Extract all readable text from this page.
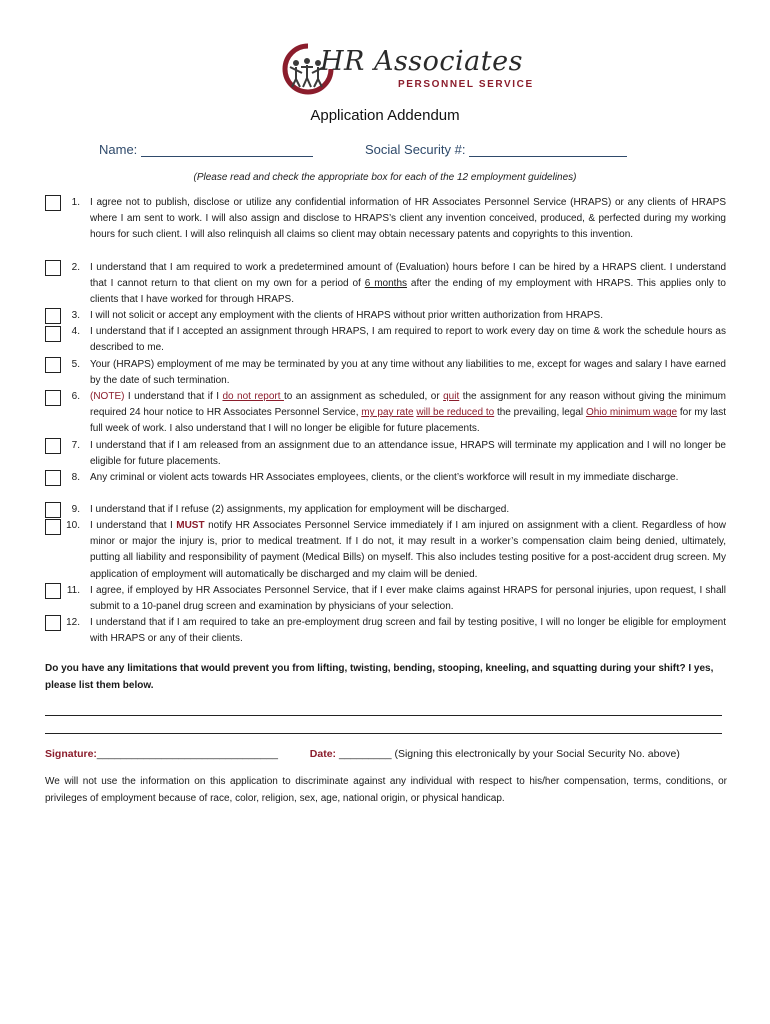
HR Associates
PERSONNEL SERVICE
Application Addendum
Name:	Social Security #:
(Please read and check the appropriate box for each of the 12 employment guidelines)
1.
2.
3.
4.
5.
6.
7.
8.
9.
10.
11.
12.
I agree not to publish, disclose or utilize any confidential information of HR Associates Personnel Service (HRAPS) or any clients of HRAPS where I am sent to work. I will also assign and disclose to HRAPS’s client any invention conceived, produced, & perfected during my working hours for such client. I will also relinquish all claims so client may obtain necessary patents and copyrights to this invention.
I understand that I am required to work a predetermined amount of (Evaluation) hours before I can be hired by a HRAPS client. I understand that I cannot return to that client on my own for a period of 6 months after the ending of my employment with HRAPS. This applies only to clients that I have worked for through HRAPS.
I will not solicit or accept any employment with the clients of HRAPS without prior written authorization from HRAPS.
I understand that if I accepted an assignment through HRAPS, I am required to report to work every day on time & work the schedule hours as described to me.
Your (HRAPS) employment of me may be terminated by you at any time without any liabilities to me, except for wages and salary I have earned by the date of such termination.
(NOTE) I understand that if I do not report to an assignment as scheduled, or quit the assignment for any reason without giving the minimum required 24 hour notice to HR Associates Personnel Service, my pay rate will be reduced to the prevailing, legal Ohio minimum wage for my last full week of work. I also understand that I will no longer be eligible for future placements.
I understand that if I am released from an assignment due to an attendance issue, HRAPS will terminate my application and I will no longer be eligible for future placements.
Any criminal or violent acts towards HR Associates employees, clients, or the client’s workforce will result in my immediate discharge.
I understand that if I refuse (2) assignments, my application for employment will be discharged.
I understand that I MUST notify HR Associates Personnel Service immediately if I am injured on assignment with a client. Regardless of how minor or major the injury is, prior to medical treatment. If I do not, it may result in a worker’s compensation claim being denied, ultimately, putting all liability and responsibility of payment (Medical Bills) on myself. This also includes testing positive for a post-accident drug screen. My application of employment will automatically be discharged and my claim will be denied.
I agree, if employed by HR Associates Personnel Service, that if I ever make claims against HRAPS for personal injuries, upon request, I shall submit to a 10-panel drug screen and examination by physicians of your selection.
I understand that if I am required to take an pre-employment drug screen and fail by testing positive, I will no longer be eligible for employment with HRAPS or any of their clients.
Do you have any limitations that would prevent you from lifting, twisting, bending, stooping, kneeling, and squatting during your shift? I yes, please list them below.
Signature:_______________________________	Date: _________ (Signing this electronically by your Social Security No. above)
We will not use the information on this application to discriminate against any individual with respect to his/her compensation, terms, conditions, or privileges of employment because of race, color, religion, sex, age, national origin, or physical handicap.
